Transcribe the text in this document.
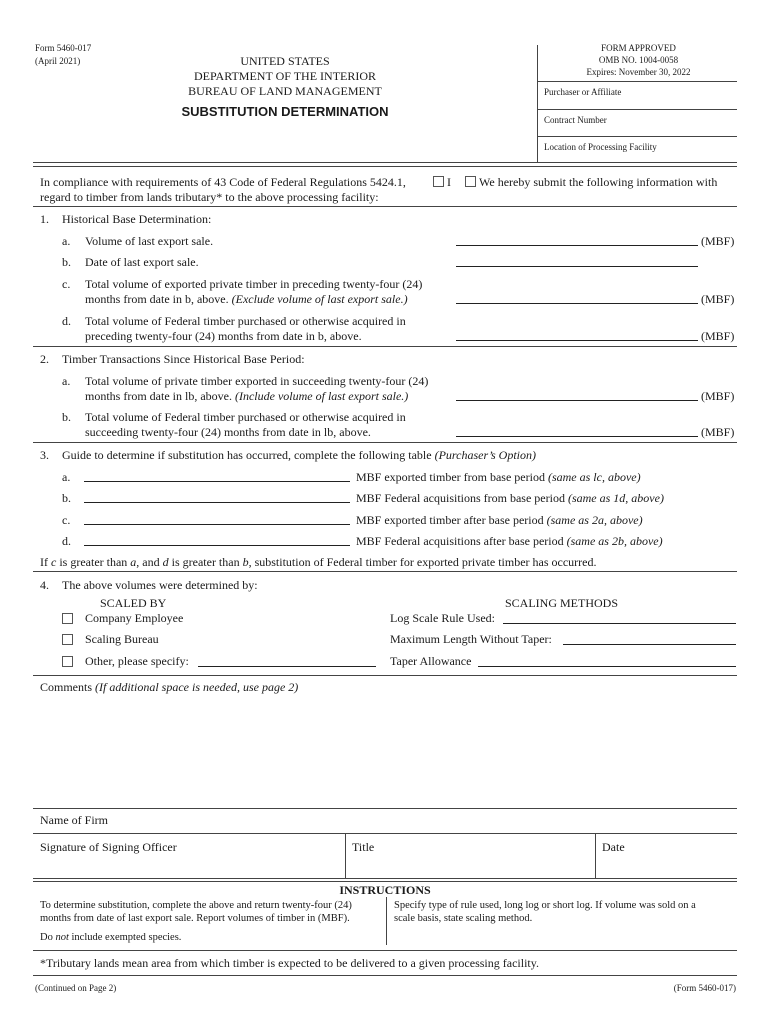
Form 5460-017
(April 2021)	UNITED STATES
DEPARTMENT OF THE INTERIOR
BUREAU OF LAND MANAGEMENT
SUBSTITUTION DETERMINATION
FORM APPROVED
OMB NO. 1004-0058
Expires: November 30, 2022
Purchaser or Affiliate
Contract Number
Location of Processing Facility
In compliance with requirements of 43 Code of Federal Regulations 5424.1,	I We hereby submit the following information with
regard to timber from lands tributary* to the above processing facility:
1. Historical Base Determination:
a. Volume of last export sale.	(MBF)
b. Date of last export sale.
c. Total volume of exported private timber in preceding twenty-four (24)
months from date in b, above. (Exclude volume of last export sale.)	(MBF)
d. Total volume of Federal timber purchased or otherwise acquired in
preceding twenty-four (24) months from date in b, above.	(MBF)
2. Timber Transactions Since Historical Base Period:
a. Total volume of private timber exported in succeeding twenty-four (24)
months from date in lb, above. (Include volume of last export sale.)	(MBF)
b. Total volume of Federal timber purchased or otherwise acquired in
succeeding twenty-four (24) months from date in lb, above.	(MBF)
3. Guide to determine if substitution has occurred, complete the following table (Purchaser’s Option)
a.	MBF exported timber from base period (same as lc, above)
b.	MBF Federal acquisitions from base period (same as 1d, above)
c.	MBF exported timber after base period (same as 2a, above)
d.	MBF Federal acquisitions after base period (same as 2b, above)
If c is greater than a, and d is greater than b, substitution of Federal timber for exported private timber has occurred.
4. The above volumes were determined by:
SCALED BY	SCALING METHODS
Company Employee	Log Scale Rule Used:
Scaling Bureau	Maximum Length Without Taper:
Other, please specify:	Taper Allowance
Comments (If additional space is needed, use page 2)
Name of Firm
Signature of Signing Officer	Title	Date
INSTRUCTIONS
To determine substitution, complete the above and return twenty-four (24)
months from date of last export sale. Report volumes of timber in (MBF).
Do not include exempted species.
Specify type of rule used, long log or short log. If volume was sold on a
scale basis, state scaling method.
*Tributary lands mean area from which timber is expected to be delivered to a given processing facility.
(Continued on Page 2)	(Form 5460-017)
